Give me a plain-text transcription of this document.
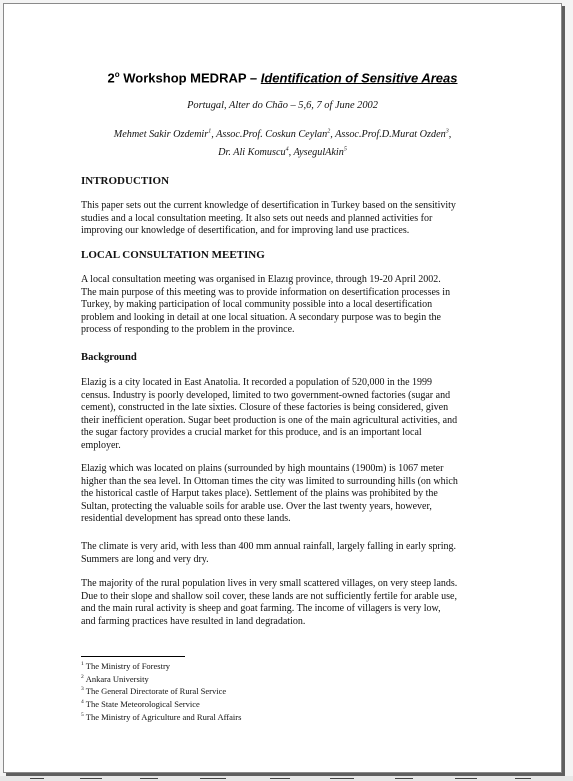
2$^o$ Workshop MEDRAP – Identification of Sensitive Areas
Portugal, Alter do Chão – 5,6, 7 of June 2002
Mehmet Sakir Ozdemir$^1$, Assoc.Prof. Coskun Ceylan$^2$, Assoc.Prof.D.Murat Ozden$^3$,
Dr. Ali Komuscu$^4$, AysegulAkin$^5$
INTRODUCTION

This paper sets out the current knowledge of desertification in Turkey based on the sensitivity
studies and a local consultation meeting. It also sets out needs and planned activities for
improving our knowledge of desertification, and for improving land use practices.

LOCAL CONSULTATION MEETING

A local consultation meeting was organised in Elazıg province, through 19-20 April 2002.
The main purpose of this meeting was to provide information on desertification processes in
Turkey, by making participation of local community possible into a local desertification
problem and looking in detail at one local situation. A secondary purpose was to begin the
process of responding to the problem in the province.

Background

Elazig is a city located in East Anatolia. It recorded a population of 520,000 in the 1999
census. Industry is poorly developed, limited to two government-owned factories (sugar and
cement), constructed in the late sixties. Closure of these factories is being considered, given
their inefficient operation. Sugar beet production is one of the main agricultural activities, and
the sugar factory provides a crucial market for this produce, and is an important local
employer.

Elazig which was located on plains (surrounded by high mountains (1900m) is 1067 meter
higher than the sea level. In Ottoman times the city was limited to surrounding hills (on which
the historical castle of Harput takes place). Settlement of the plains was prohibited by the
Sultan, protecting the valuable soils for arable use. Over the last twenty years, however,
residential development has spread onto these lands.

The climate is very arid, with less than 400 mm annual rainfall, largely falling in early spring.
Summers are long and very dry.

The majority of the rural population lives in very small scattered villages, on very steep lands.
Due to their slope and shallow soil cover, these lands are not sufficiently fertile for arable use,
and the main rural activity is sheep and goat farming. The income of villagers is very low,
and farming practices have resulted in land degradation.

$^1$ The Ministry of Forestry
$^2$ Ankara University
$^3$ The General Directorate of Rural Service
$^4$ The State Meteorological Service
$^5$ The Ministry of Agriculture and Rural Affairs
